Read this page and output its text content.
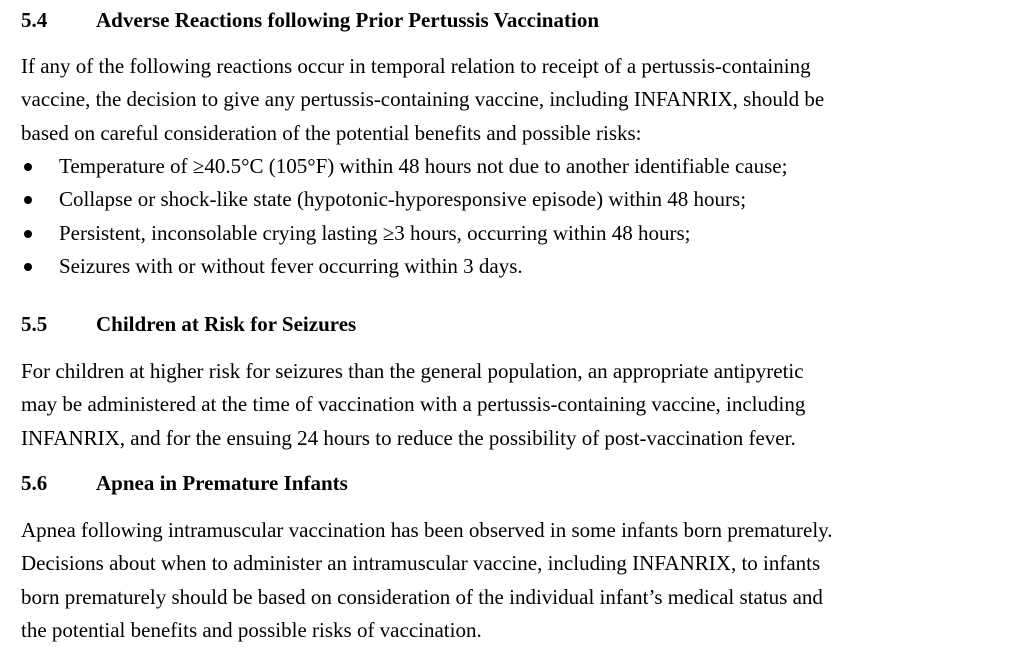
5.4 Adverse Reactions following Prior Pertussis Vaccination
If any of the following reactions occur in temporal relation to receipt of a pertussis-containing
vaccine, the decision to give any pertussis-containing vaccine, including INFANRIX, should be
based on careful consideration of the potential benefits and possible risks:
Temperature of ≥40.5°C (105°F) within 48 hours not due to another identifiable cause;
Collapse or shock-like state (hypotonic-hyporesponsive episode) within 48 hours;
Persistent, inconsolable crying lasting ≥3 hours, occurring within 48 hours;
Seizures with or without fever occurring within 3 days.
5.5 Children at Risk for Seizures
For children at higher risk for seizures than the general population, an appropriate antipyretic
may be administered at the time of vaccination with a pertussis-containing vaccine, including
INFANRIX, and for the ensuing 24 hours to reduce the possibility of post-vaccination fever.
5.6 Apnea in Premature Infants
Apnea following intramuscular vaccination has been observed in some infants born prematurely.
Decisions about when to administer an intramuscular vaccine, including INFANRIX, to infants
born prematurely should be based on consideration of the individual infant’s medical status and
the potential benefits and possible risks of vaccination.
